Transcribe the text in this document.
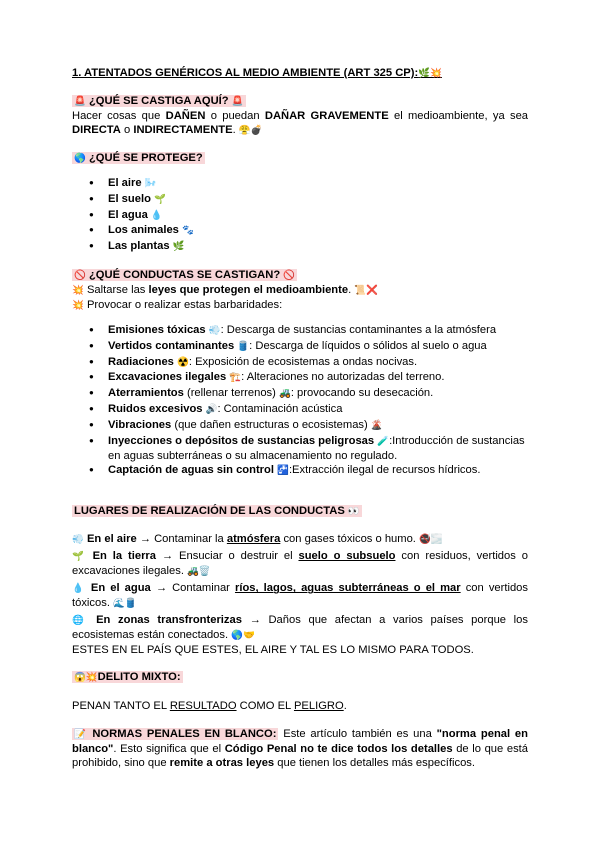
1. ATENTADOS GENÉRICOS AL MEDIO AMBIENTE (ART 325 CP):🌿💥
🚨 ¿QUÉ SE CASTIGA AQUÍ? 🚨
Hacer cosas que DAÑEN o puedan DAÑAR GRAVEMENTE el medioambiente, ya sea DIRECTA o INDIRECTAMENTE. 😤💣
🌎 ¿QUÉ SE PROTEGE?
● El aire 🌬️
● El suelo 🌱
● El agua 💧
● Los animales 🐾
● Las plantas 🌿
🚫 ¿QUÉ CONDUCTAS SE CASTIGAN? 🚫
💥 Saltarse las leyes que protegen el medioambiente. 📜❌
💥 Provocar o realizar estas barbaridades:
● Emisiones tóxicas 💨: Descarga de sustancias contaminantes a la atmósfera
● Vertidos contaminantes 🛢️: Descarga de líquidos o sólidos al suelo o agua
● Radiaciones ☢️: Exposición de ecosistemas a ondas nocivas.
● Excavaciones ilegales 🏗️: Alteraciones no autorizadas del terreno.
● Aterramientos (rellenar terrenos) 🚜: provocando su desecación.
● Ruidos excesivos 🔊: Contaminación acústica
● Vibraciones (que dañen estructuras o ecosistemas) 🌋
● Inyecciones o depósitos de sustancias peligrosas 🧪:Introducción de sustancias en aguas subterráneas o su almacenamiento no regulado.
● Captación de aguas sin control 🚰:Extracción ilegal de recursos hídricos.
LUGARES DE REALIZACIÓN DE LAS CONDUCTAS 👀
💨 En el aire → Contaminar la atmósfera con gases tóxicos o humo. 🚭🌫️
🌱 En la tierra → Ensuciar o destruir el suelo o subsuelo con residuos, vertidos o excavaciones ilegales. 🚜🗑️
💧 En el agua → Contaminar ríos, lagos, aguas subterráneas o el mar con vertidos tóxicos. 🌊🛢️
🌐 En zonas transfronterizas → Daños que afectan a varios países porque los ecosistemas están conectados. 🌎🤝
ESTES EN EL PAÍS QUE ESTES, EL AIRE Y TAL ES LO MISMO PARA TODOS.
😱💥DELITO MIXTO:
PENAN TANTO EL RESULTADO COMO EL PELIGRO.
📝 NORMAS PENALES EN BLANCO: Este artículo también es una "norma penal en blanco". Esto significa que el Código Penal no te dice todos los detalles de lo que está prohibido, sino que remite a otras leyes que tienen los detalles más específicos.
